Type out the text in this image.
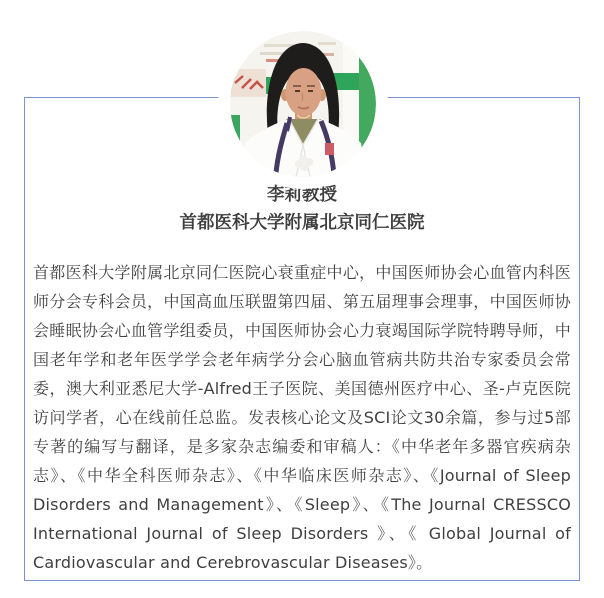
李莉教授
首都医科大学附属北京同仁医院

首都医科大学附属北京同仁医院心衰重症中心，中国医师协会心血管内科医师分会专科会员，中国高血压联盟第四届、第五届理事会理事，中国医师协会睡眠协会心血管学组委员，中国医师协会心力衰竭国际学院特聘导师，中国老年学和老年医学学会老年病学分会心脑血管病共防共治专家委员会常委，澳大利亚悉尼大学-Alfred王子医院、美国德州医疗中心、圣-卢克医院访问学者，心在线前任总监。发表核心论文及SCI论文30余篇，参与过5部专著的编写与翻译，是多家杂志编委和审稿人：《中华老年多器官疾病杂志》、《中华全科医师杂志》、《中华临床医师杂志》、《Journal of Sleep Disorders and Management》、《Sleep》、《The Journal CRESSCO International Journal of Sleep Disorders 》、《 Global Journal of Cardiovascular and Cerebrovascular Diseases》。
